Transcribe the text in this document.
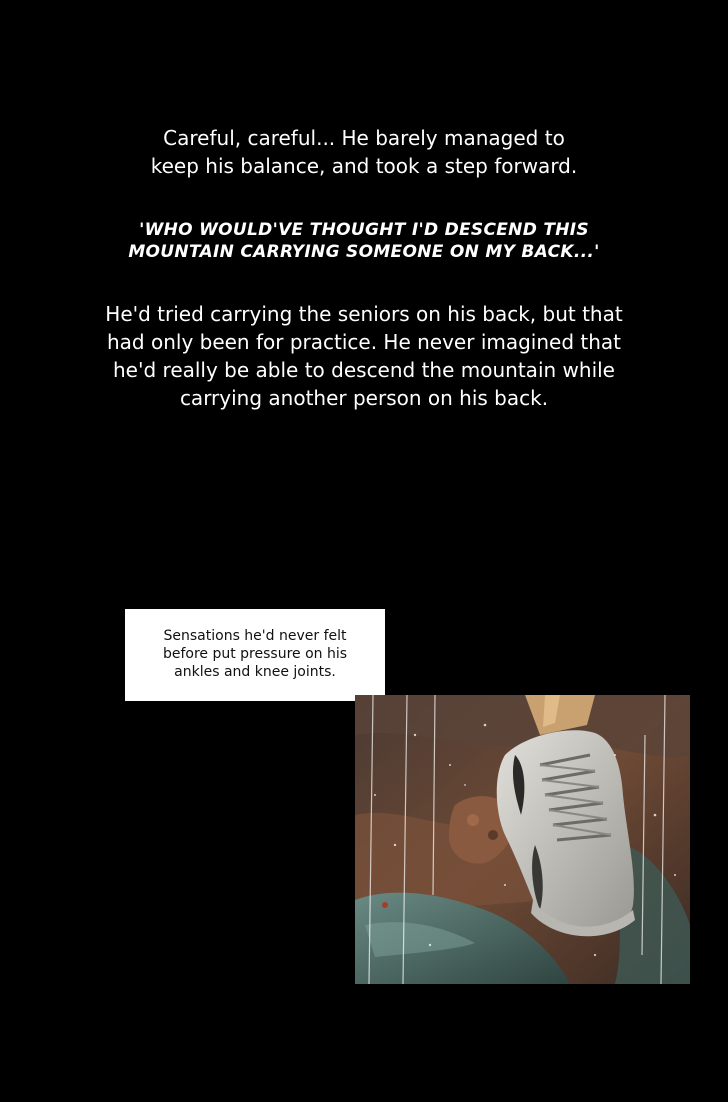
Careful, careful... He barely managed to
keep his balance, and took a step forward.
'WHO WOULD'VE THOUGHT I'D DESCEND THIS
MOUNTAIN CARRYING SOMEONE ON MY BACK...'
He'd tried carrying the seniors on his back, but that
had only been for practice. He never imagined that
he'd really be able to descend the mountain while
carrying another person on his back.
Sensations he'd never felt
before put pressure on his
ankles and knee joints.
